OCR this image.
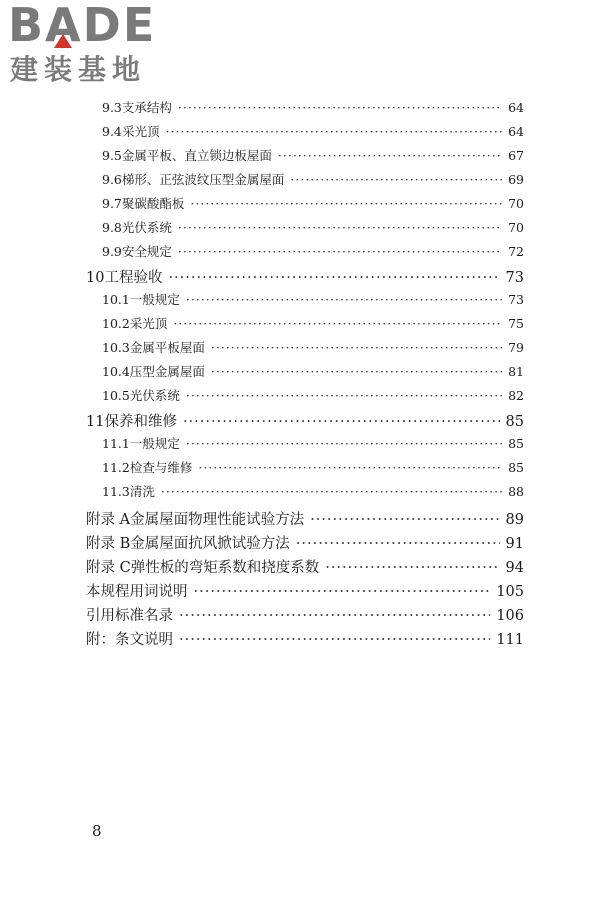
BADE
建装基地
9.3 支承结构 ·····	64
9.4 采光顶 ·····	64
9.5 金属平板、直立锁边板屋面 ·····	67
9.6 梯形、正弦波纹压型金属屋面 ·····	69
9.7 聚碳酸酯板 ·····	70
9.8 光伏系统 ·····	70
9.9 安全规定 ·····	72
10 工程验收 ·····	73
10.1 一般规定 ·····	73
10.2 采光顶 ·····	75
10.3 金属平板屋面 ·····	79
10.4 压型金属屋面 ·····	81
10.5 光伏系统 ·····	82
11 保养和维修 ·····	85
11.1 一般规定 ·····	85
11.2 检查与维修 ·····	85
11.3 清洗 ·····	88
附录 A 金属屋面物理性能试验方法 ·····	89
附录 B 金属屋面抗风掀试验方法 ·····	91
附录 C 弹性板的弯矩系数和挠度系数 ·····	94
本规程用词说明 ·····	105
引用标准名录 ·····	106
附：条文说明 ·····	111
8
